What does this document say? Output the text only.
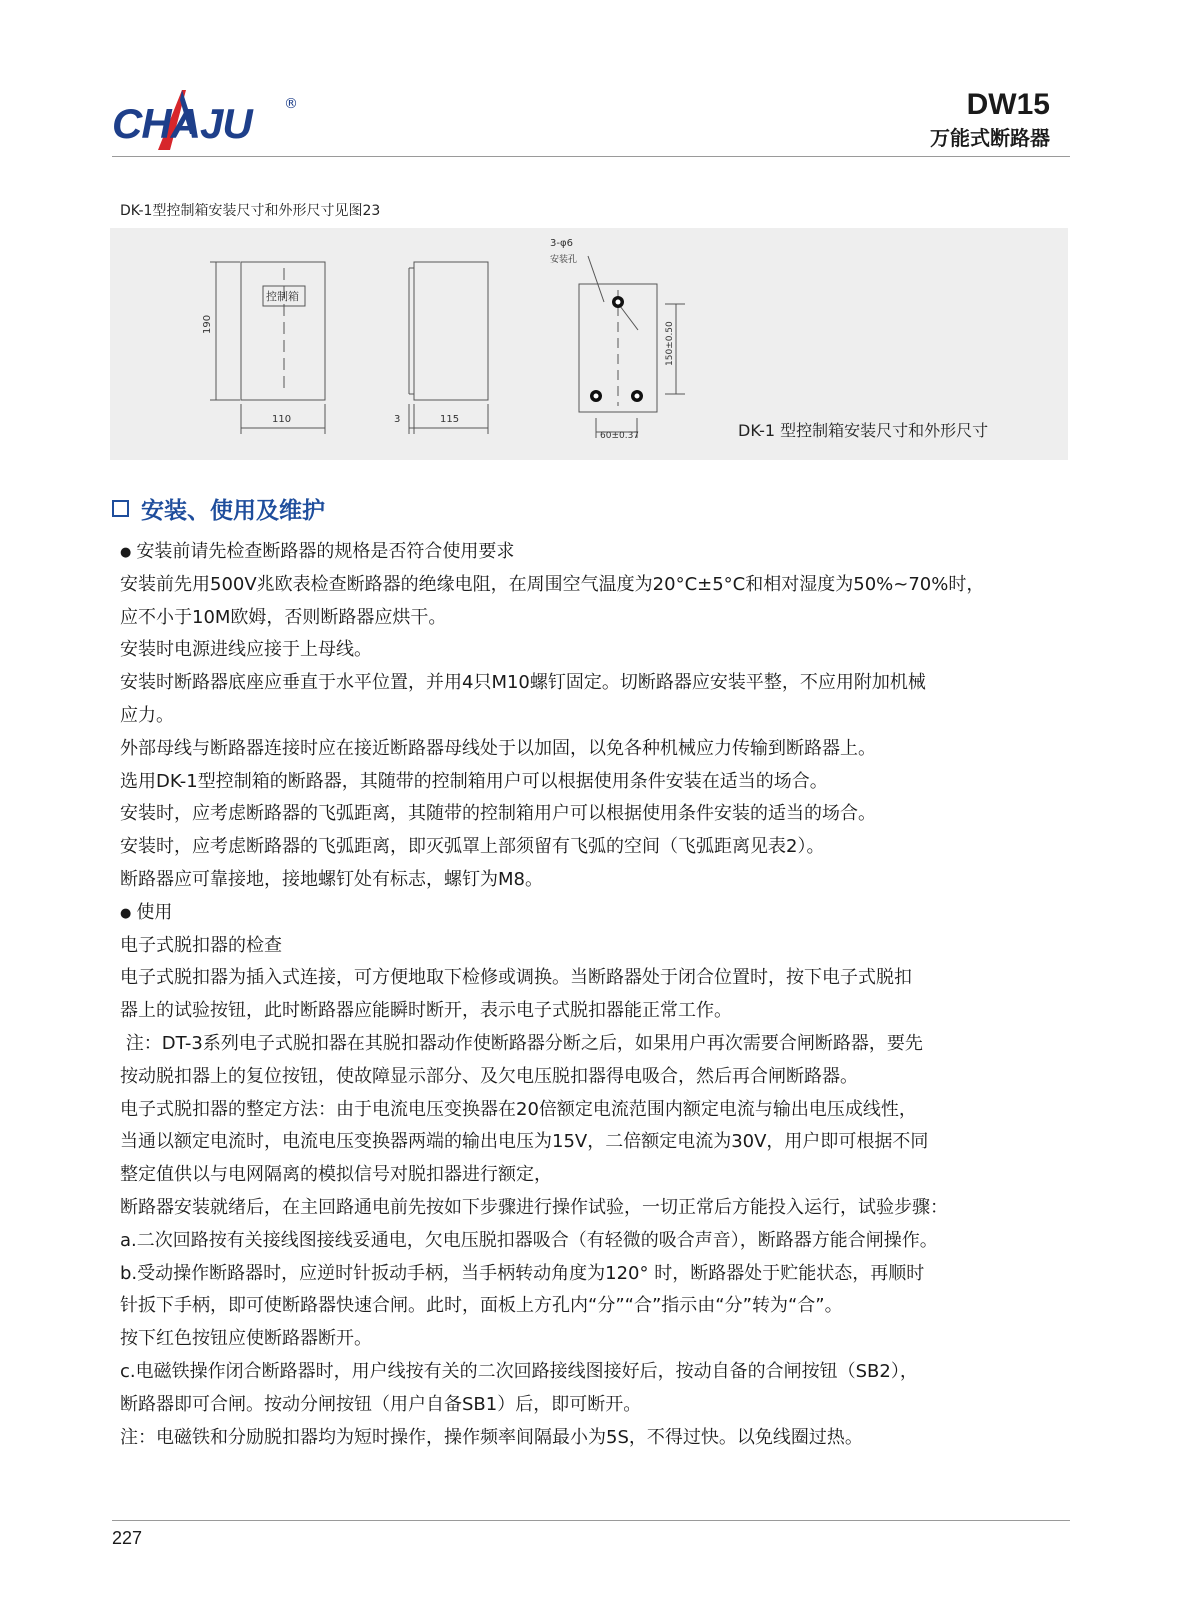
CHAJU ®	DW15
万能式断路器
DK-1型控制箱安装尺寸和外形尺寸见图23
控制箱
190
110	3	115
3-φ6
安装孔
150±0.50
60±0.37	DK-1 型控制箱安装尺寸和外形尺寸
安装、使用及维护
● 安装前请先检查断路器的规格是否符合使用要求
安装前先用500V兆欧表检查断路器的绝缘电阻，在周围空气温度为20°C±5°C和相对湿度为50%~70%时，
应不小于10M欧姆，否则断路器应烘干。
安装时电源进线应接于上母线。
安装时断路器底座应垂直于水平位置，并用4只M10螺钉固定。切断路器应安装平整，不应用附加机械
应力。
外部母线与断路器连接时应在接近断路器母线处于以加固，以免各种机械应力传输到断路器上。
选用DK-1型控制箱的断路器，其随带的控制箱用户可以根据使用条件安装在适当的场合。
安装时，应考虑断路器的飞弧距离，其随带的控制箱用户可以根据使用条件安装的适当的场合。
安装时，应考虑断路器的飞弧距离，即灭弧罩上部须留有飞弧的空间（飞弧距离见表2）。
断路器应可靠接地，接地螺钉处有标志，螺钉为M8。
● 使用
电子式脱扣器的检查
电子式脱扣器为插入式连接，可方便地取下检修或调换。当断路器处于闭合位置时，按下电子式脱扣
器上的试验按钮，此时断路器应能瞬时断开，表示电子式脱扣器能正常工作。
注：DT-3系列电子式脱扣器在其脱扣器动作使断路器分断之后，如果用户再次需要合闸断路器，要先
按动脱扣器上的复位按钮，使故障显示部分、及欠电压脱扣器得电吸合，然后再合闸断路器。
电子式脱扣器的整定方法：由于电流电压变换器在20倍额定电流范围内额定电流与输出电压成线性，
当通以额定电流时，电流电压变换器两端的输出电压为15V，二倍额定电流为30V，用户即可根据不同
整定值供以与电网隔离的模拟信号对脱扣器进行额定，
断路器安装就绪后，在主回路通电前先按如下步骤进行操作试验，一切正常后方能投入运行，试验步骤：
a.二次回路按有关接线图接线妥通电，欠电压脱扣器吸合（有轻微的吸合声音），断路器方能合闸操作。
b.受动操作断路器时，应逆时针扳动手柄，当手柄转动角度为120° 时，断路器处于贮能状态，再顺时
针扳下手柄，即可使断路器快速合闸。此时，面板上方孔内“分”“合”指示由“分”转为“合”。
按下红色按钮应使断路器断开。
c.电磁铁操作闭合断路器时，用户线按有关的二次回路接线图接好后，按动自备的合闸按钮（SB2），
断路器即可合闸。按动分闸按钮（用户自备SB1）后，即可断开。
注：电磁铁和分励脱扣器均为短时操作，操作频率间隔最小为5S，不得过快。以免线圈过热。
227
